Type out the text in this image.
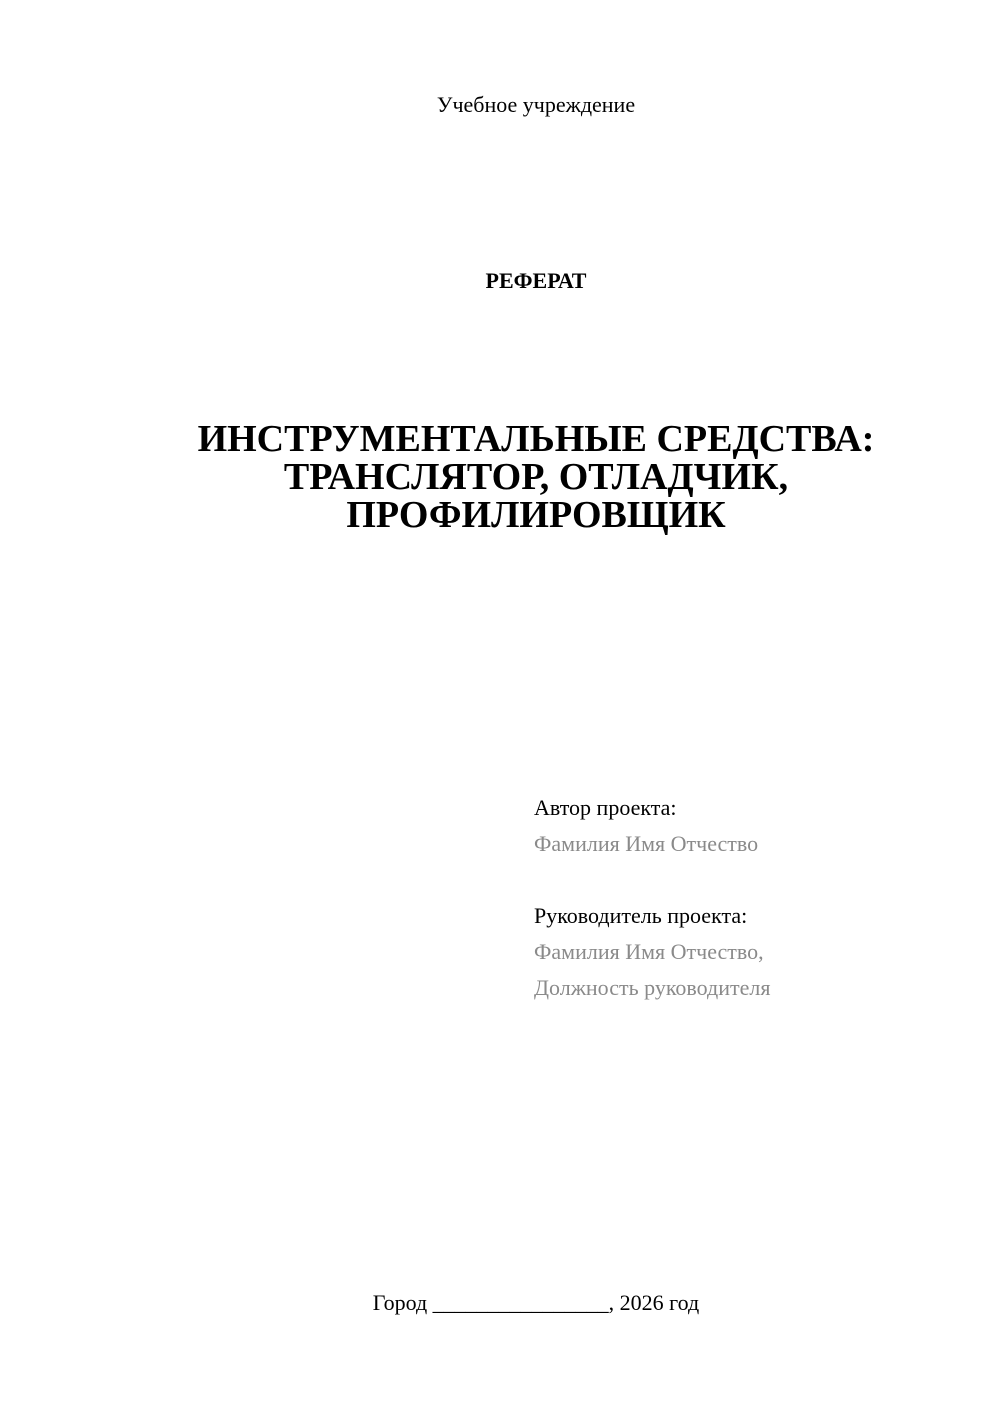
Учебное учреждение
РЕФЕРАТ
ИНСТРУМЕНТАЛЬНЫЕ СРЕДСТВА:
ТРАНСЛЯТОР, ОТЛАДЧИК,
ПРОФИЛИРОВЩИК
Автор проекта:
Фамилия Имя Отчество
Руководитель проекта:
Фамилия Имя Отчество,
Должность руководителя
Город ________________, 2026 год
